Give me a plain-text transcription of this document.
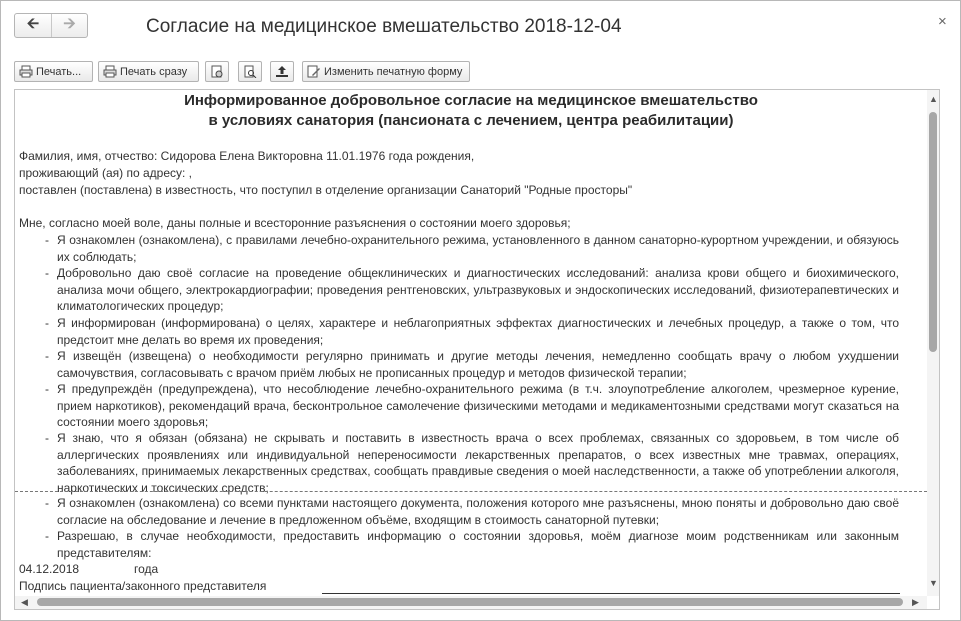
🡨 🡪	Согласие на медицинское вмешательство 2018-12-04	×
Печать...	Печать сразу	Изменить печатную форму
Информированное добровольное согласие на медицинское вмешательство
в условиях санатория (пансионата с лечением, центра реабилитации)
Фамилия, имя, отчество: Сидорова Елена Викторовна 11.01.1976 года рождения,
проживающий (ая) по адресу: ,
поставлен (поставлена) в известность, что поступил в отделение организации Санаторий "Родные просторы"
Мне, согласно моей воле, даны полные и всесторонние разъяснения о состоянии моего здоровья;
- Я ознакомлен (ознакомлена), с правилами лечебно-охранительного режима, установленного в данном санаторно-курортном учреждении, и обязуюсь их соблюдать;
- Добровольно даю своё согласие на проведение общеклинических и диагностических исследований: анализа крови общего и биохимического, анализа мочи общего, электрокардиографии; проведения рентгеновских, ультразвуковых и эндоскопических исследований, физиотерапевтических и климатологических процедур;
- Я информирован (информирована) о целях, характере и неблагоприятных эффектах диагностических и лечебных процедур, а также о том, что предстоит мне делать во время их проведения;
- Я извещён (извещена) о необходимости регулярно принимать и другие методы лечения, немедленно сообщать врачу о любом ухудшении самочувствия, согласовывать с врачом приём любых не прописанных процедур и методов физической терапии;
- Я предупреждён (предупреждена), что несоблюдение лечебно-охранительного режима (в т.ч. злоупотребление алкоголем, чрезмерное курение, прием наркотиков), рекомендаций врача, бесконтрольное самолечение физическими методами и медикаментозными средствами могут сказаться на состоянии моего здоровья;
- Я знаю, что я обязан (обязана) не скрывать и поставить в известность врача о всех проблемах, связанных со здоровьем, в том числе об аллергических проявлениях или индивидуальной непереносимости лекарственных препаратов, о всех известных мне травмах, операциях, заболеваниях, принимаемых лекарственных средствах, сообщать правдивые сведения о моей наследственности, а также об употреблении алкоголя, наркотических и токсических средств;
- Я ознакомлен (ознакомлена) со всеми пунктами настоящего документа, положения которого мне разъяснены, мною поняты и добровольно даю своё согласие на обследование и лечение в предложенном объёме, входящим в стоимость санаторной путевки;
- Разрешаю, в случае необходимости, предоставить информацию о состоянии здоровья, моём диагнозе моим родственникам или законным представителям:
04.12.2018	года
Подпись пациента/законного представителя
▲
▼
◀	▶
